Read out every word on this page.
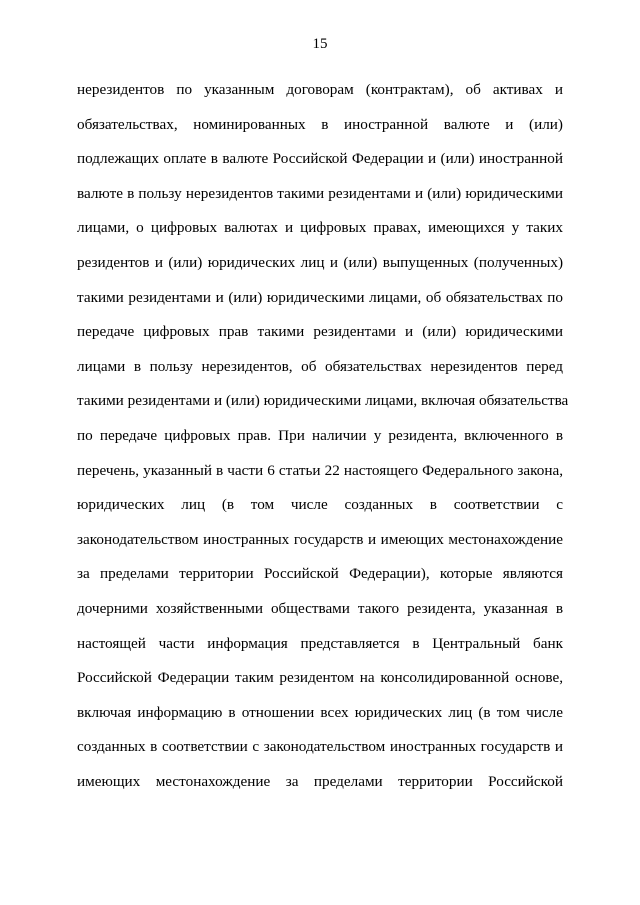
15
нерезидентов по указанным договорам (контрактам), об активах и
обязательствах, номинированных в иностранной валюте и (или)
подлежащих оплате в валюте Российской Федерации и (или) иностранной
валюте в пользу нерезидентов такими резидентами и (или) юридическими
лицами, о цифровых валютах и цифровых правах, имеющихся у таких
резидентов и (или) юридических лиц и (или) выпущенных (полученных)
такими резидентами и (или) юридическими лицами, об обязательствах по
передаче цифровых прав такими резидентами и (или) юридическими
лицами в пользу нерезидентов, об обязательствах нерезидентов перед
такими резидентами и (или) юридическими лицами, включая обязательства
по передаче цифровых прав. При наличии у резидента, включенного в
перечень, указанный в части 6 статьи 22 настоящего Федерального закона,
юридических лиц (в том числе созданных в соответствии с
законодательством иностранных государств и имеющих местонахождение
за пределами территории Российской Федерации), которые являются
дочерними хозяйственными обществами такого резидента, указанная в
настоящей части информация представляется в Центральный банк
Российской Федерации таким резидентом на консолидированной основе,
включая информацию в отношении всех юридических лиц (в том числе
созданных в соответствии с законодательством иностранных государств и
имеющих местонахождение за пределами территории Российской
